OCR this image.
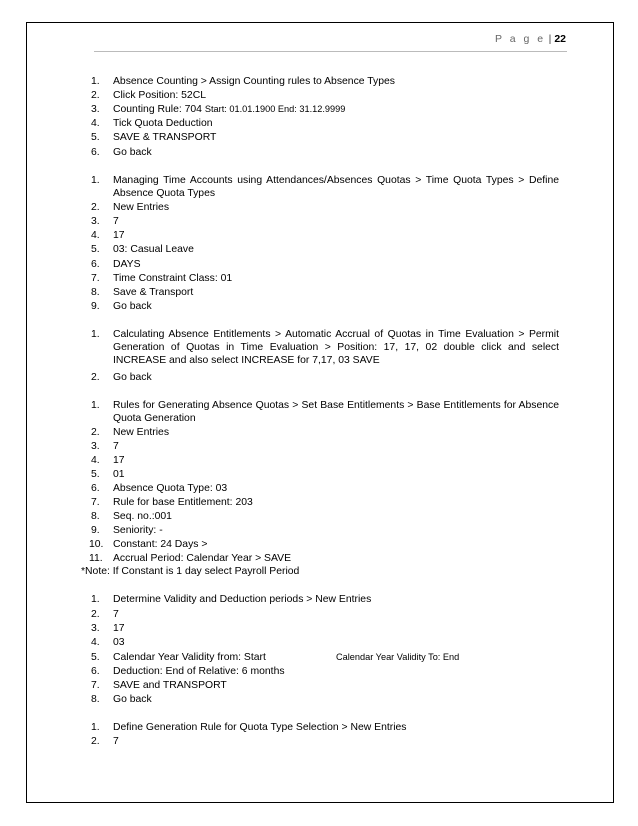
P a g e | 22
1.	Absence Counting > Assign Counting rules to Absence Types
2.	Click Position: 52CL
3.	Counting Rule: 704 Start: 01.01.1900 End: 31.12.9999
4.	Tick Quota Deduction
5.	SAVE & TRANSPORT
6.	Go back
1.	Managing Time Accounts using Attendances/Absences Quotas > Time Quota Types > Define Absence Quota Types
2.	New Entries
3.	7
4.	17
5.	03: Casual Leave
6.	DAYS
7.	Time Constraint Class: 01
8.	Save & Transport
9.	Go back
1.	Calculating Absence Entitlements > Automatic Accrual of Quotas in Time Evaluation > Permit Generation of Quotas in Time Evaluation > Position: 17, 17, 02 double click and select INCREASE and also select INCREASE for 7,17, 03 SAVE
2.	Go back
1.	Rules for Generating Absence Quotas > Set Base Entitlements > Base Entitlements for Absence Quota Generation
2.	New Entries
3.	7
4.	17
5.	01
6.	Absence Quota Type: 03
7.	Rule for base Entitlement: 203
8.	Seq. no.:001
9.	Seniority: -
10. Constant: 24 Days >
11. Accrual Period: Calendar Year > SAVE
*Note: If Constant is 1 day select Payroll Period
1.	Determine Validity and Deduction periods > New Entries
2.	7
3.	17
4.	03
5.	Calendar Year Validity from: Start	Calendar Year Validity To: End
6.	Deduction: End of Relative: 6 months
7.	SAVE and TRANSPORT
8.	Go back
1.	Define Generation Rule for Quota Type Selection > New Entries
2.	7
